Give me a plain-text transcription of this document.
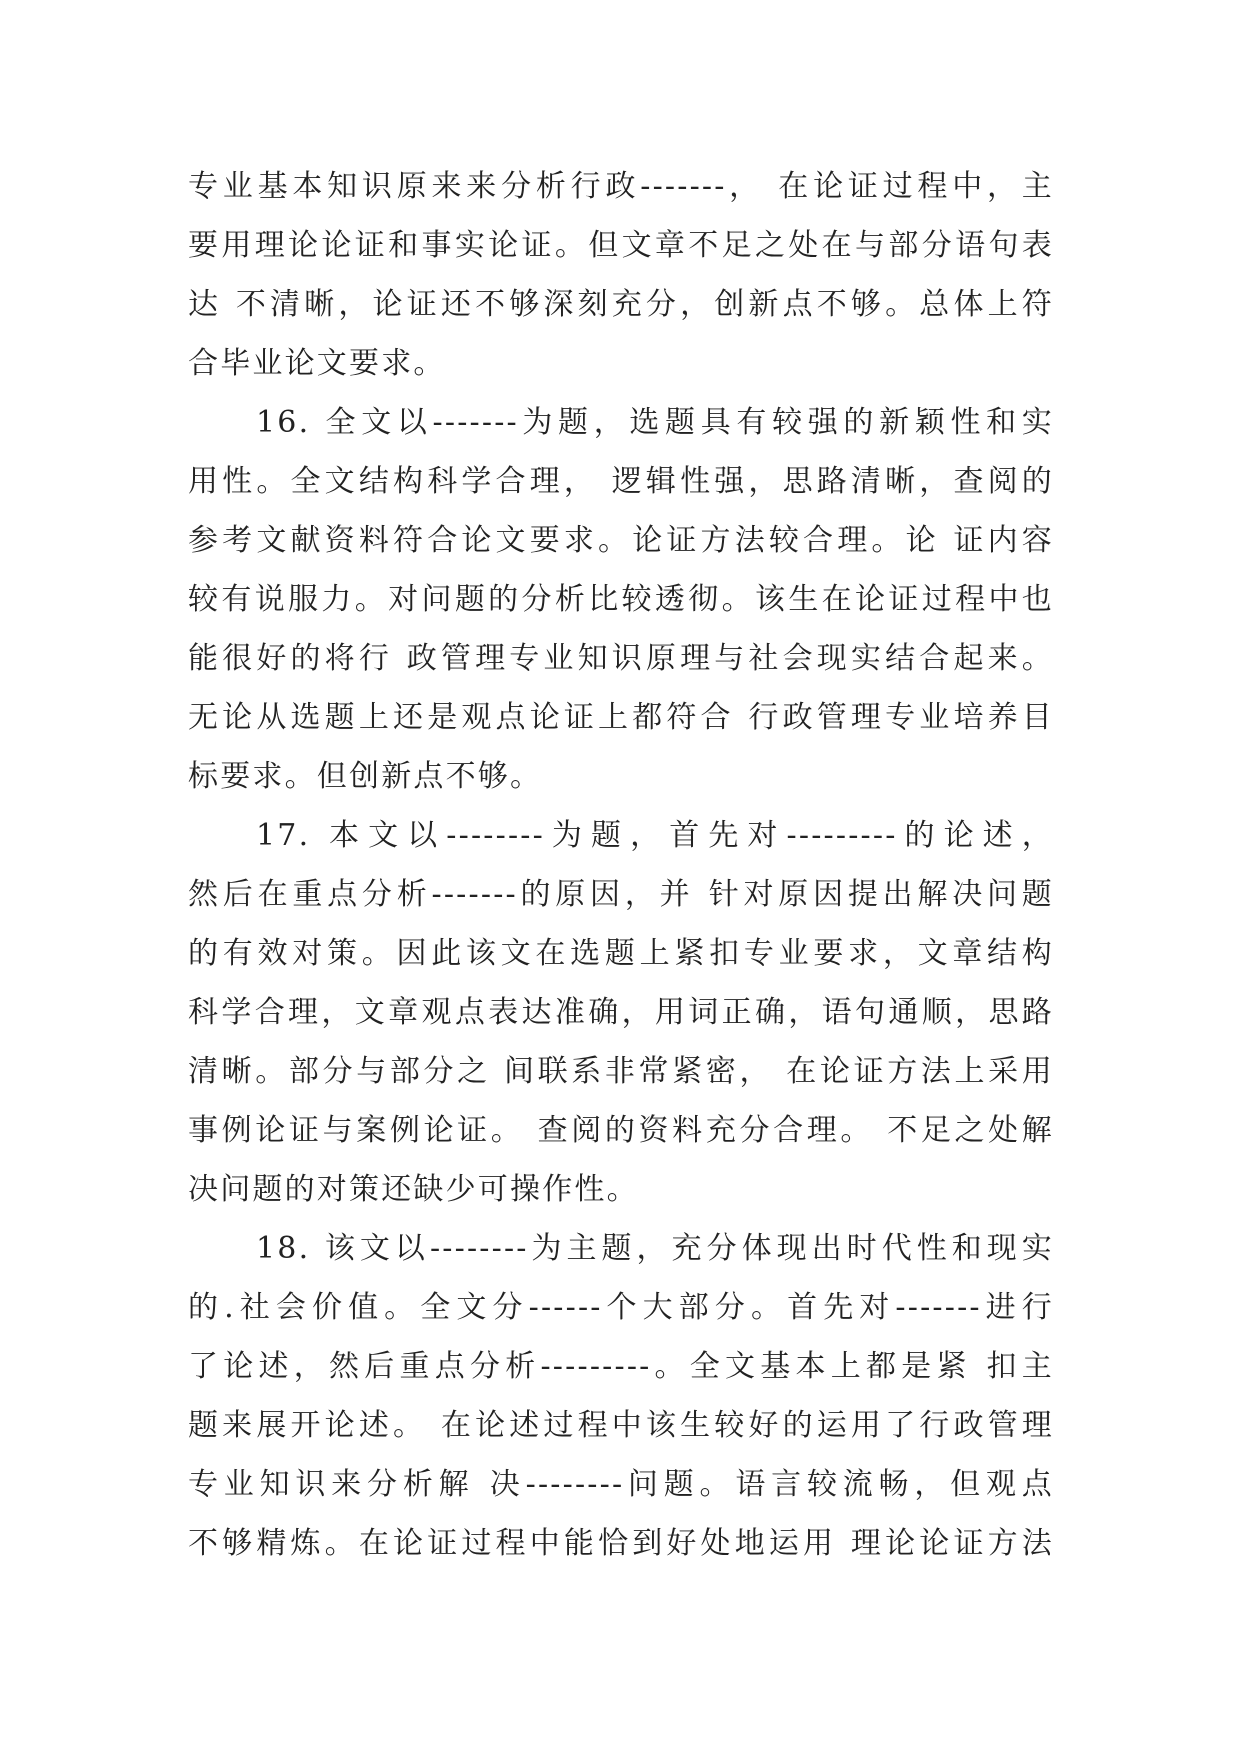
专业基本知识原来来分析行政-------， 在论证过程中，主
要用理论论证和事实论证。但文章不足之处在与部分语句表
达 不清晰，论证还不够深刻充分，创新点不够。总体上符
合毕业论文要求。
16. 全文以-------为题，选题具有较强的新颖性和实
用性。全文结构科学合理， 逻辑性强，思路清晰，查阅的
参考文献资料符合论文要求。论证方法较合理。论 证内容
较有说服力。对问题的分析比较透彻。该生在论证过程中也
能很好的将行 政管理专业知识原理与社会现实结合起来。
无论从选题上还是观点论证上都符合 行政管理专业培养目
标要求。但创新点不够。
17. 本文以--------为题，首先对---------的论述，
然后在重点分析-------的原因，并 针对原因提出解决问题
的有效对策。因此该文在选题上紧扣专业要求，文章结构
科学合理，文章观点表达准确，用词正确，语句通顺，思路
清晰。部分与部分之 间联系非常紧密， 在论证方法上采用
事例论证与案例论证。 查阅的资料充分合理。 不足之处解
决问题的对策还缺少可操作性。
18. 该文以--------为主题，充分体现出时代性和现实
的.社会价值。全文分------个大部分。首先对-------进行
了论述，然后重点分析---------。全文基本上都是紧 扣主
题来展开论述。 在论述过程中该生较好的运用了行政管理
专业知识来分析解 决--------问题。语言较流畅，但观点
不够精炼。在论证过程中能恰到好处地运用 理论论证方法
